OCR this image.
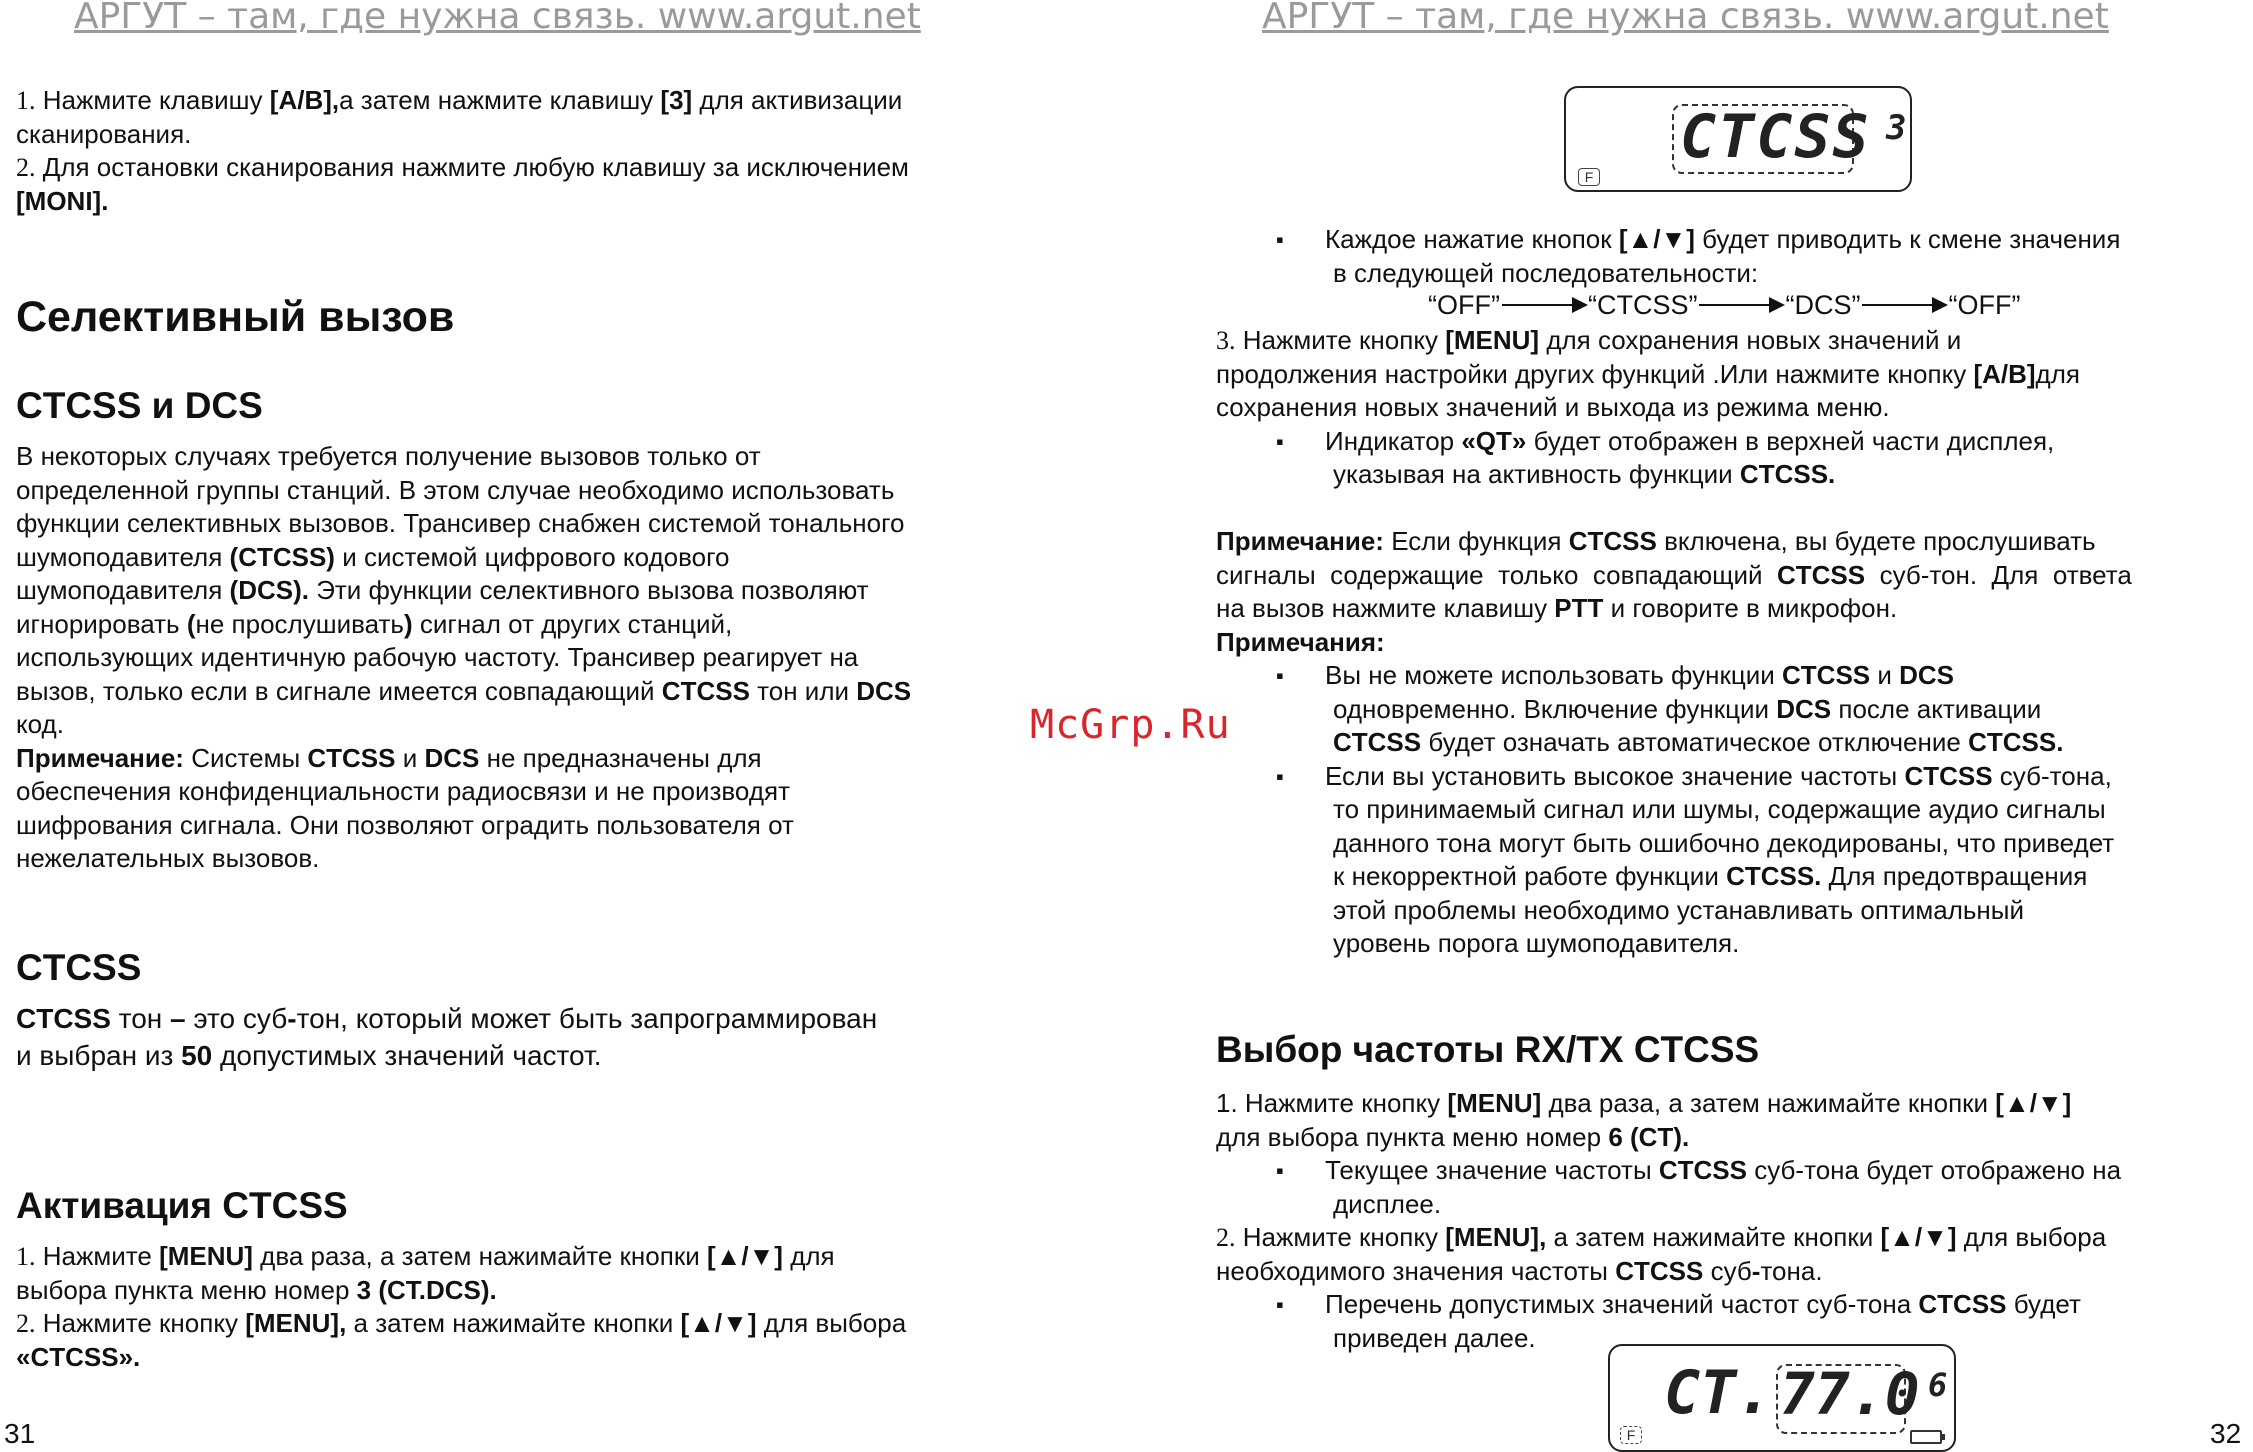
АРГУТ – там, где нужна связь. www.argut.net	АРГУТ – там, где нужна связь. www.argut.net

1. Нажмите клавишу [A/B],а затем нажмите клавишу [3] для активизации

сканирования.

2. Для остановки сканирования нажмите любую клавишу за исключением

[MONI].

Селективный вызов
CTCSS и DCS

В некоторых случаях требуется получение вызовов только от

определенной группы станций. В этом случае необходимо использовать

функции селективных вызовов. Трансивер снабжен системой тонального

шумоподавителя (CTCSS) и системой цифрового кодового

шумоподавителя (DCS). Эти функции селективного вызова позволяют

игнорировать (не прослушивать) сигнал от других станций,

использующих идентичную рабочую частоту. Трансивер реагирует на

вызов, только если в сигнале имеется совпадающий CTCSS тон или DCS

код.

Примечание: Системы CTCSS и DCS не предназначены для

обеспечения конфиденциальности радиосвязи и не производят

шифрования сигнала. Они позволяют оградить пользователя от

нежелательных вызовов.

CTCSS

CTCSS тон – это суб-тон, который может быть запрограммирован

и выбран из 50 допустимых значений частот.

Активация CTCSS

1. Нажмите [MENU] два раза, а затем нажимайте кнопки [▲/▼] для

выбора пункта меню номер 3 (CT.DCS).

2. Нажмите кнопку [MENU], а затем нажимайте кнопки [▲/▼] для выбора

«CTCSS».

31
McGrp.Ru
CTCSS 3
F

▪ Каждое нажатие кнопок [▲/▼] будет приводить к смене значения

в следующей последовательности:

“OFF”	“CTCSS”	“DCS”	“OFF”

3. Нажмите кнопку [MENU] для сохранения новых значений и

продолжения настройки других функций .Или нажмите кнопку [A/B]для

сохранения новых значений и выхода из режима меню.

▪ Индикатор «QT» будет отображен в верхней части дисплея,

указывая на активность функции CTCSS.

Примечание: Если функция CTCSS включена, вы будете прослушивать

сигналы  содержащие  только  совпадающий  CTCSS  суб-тон.  Для  ответа

на вызов нажмите клавишу PTT и говорите в микрофон.

Примечания:

▪ Вы не можете использовать функции CTCSS и DCS

одновременно. Включение функции DCS после активации

CTCSS будет означать автоматическое отключение CTCSS.

▪ Если вы установить высокое значение частоты CTCSS суб-тона,

то принимаемый сигнал или шумы, содержащие аудио сигналы

данного тона могут быть ошибочно декодированы, что приведет

к некорректной работе функции CTCSS. Для предотвращения

этой проблемы необходимо устанавливать оптимальный

уровень порога шумоподавителя.

Выбор частоты RX/TX CTCSS

1. Нажмите кнопку [MENU] два раза, а затем нажимайте кнопки [▲/▼]

для выбора пункта меню номер 6 (CT).

▪ Текущее значение частоты CTCSS суб-тона будет отображено на

дисплее.

2. Нажмите кнопку [MENU], а затем нажимайте кнопки [▲/▼] для выбора

необходимого значения частоты CTCSS суб-тона.

▪ Перечень допустимых значений частот суб-тона CTCSS будет

приведен далее.

CT. 77.0 6
F	32
